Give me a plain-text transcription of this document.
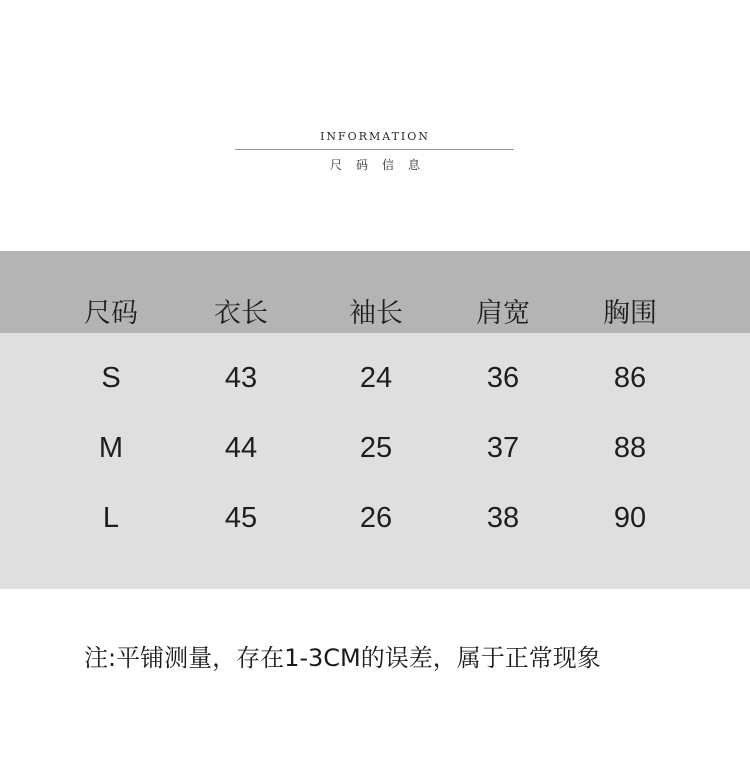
INFORMATION
尺码信息
尺码	衣长	袖长	肩宽	胸围
S	43	24	36	86
M	44	25	37	88
L	45	26	38	90
注:平铺测量，存在1-3CM的误差，属于正常现象
